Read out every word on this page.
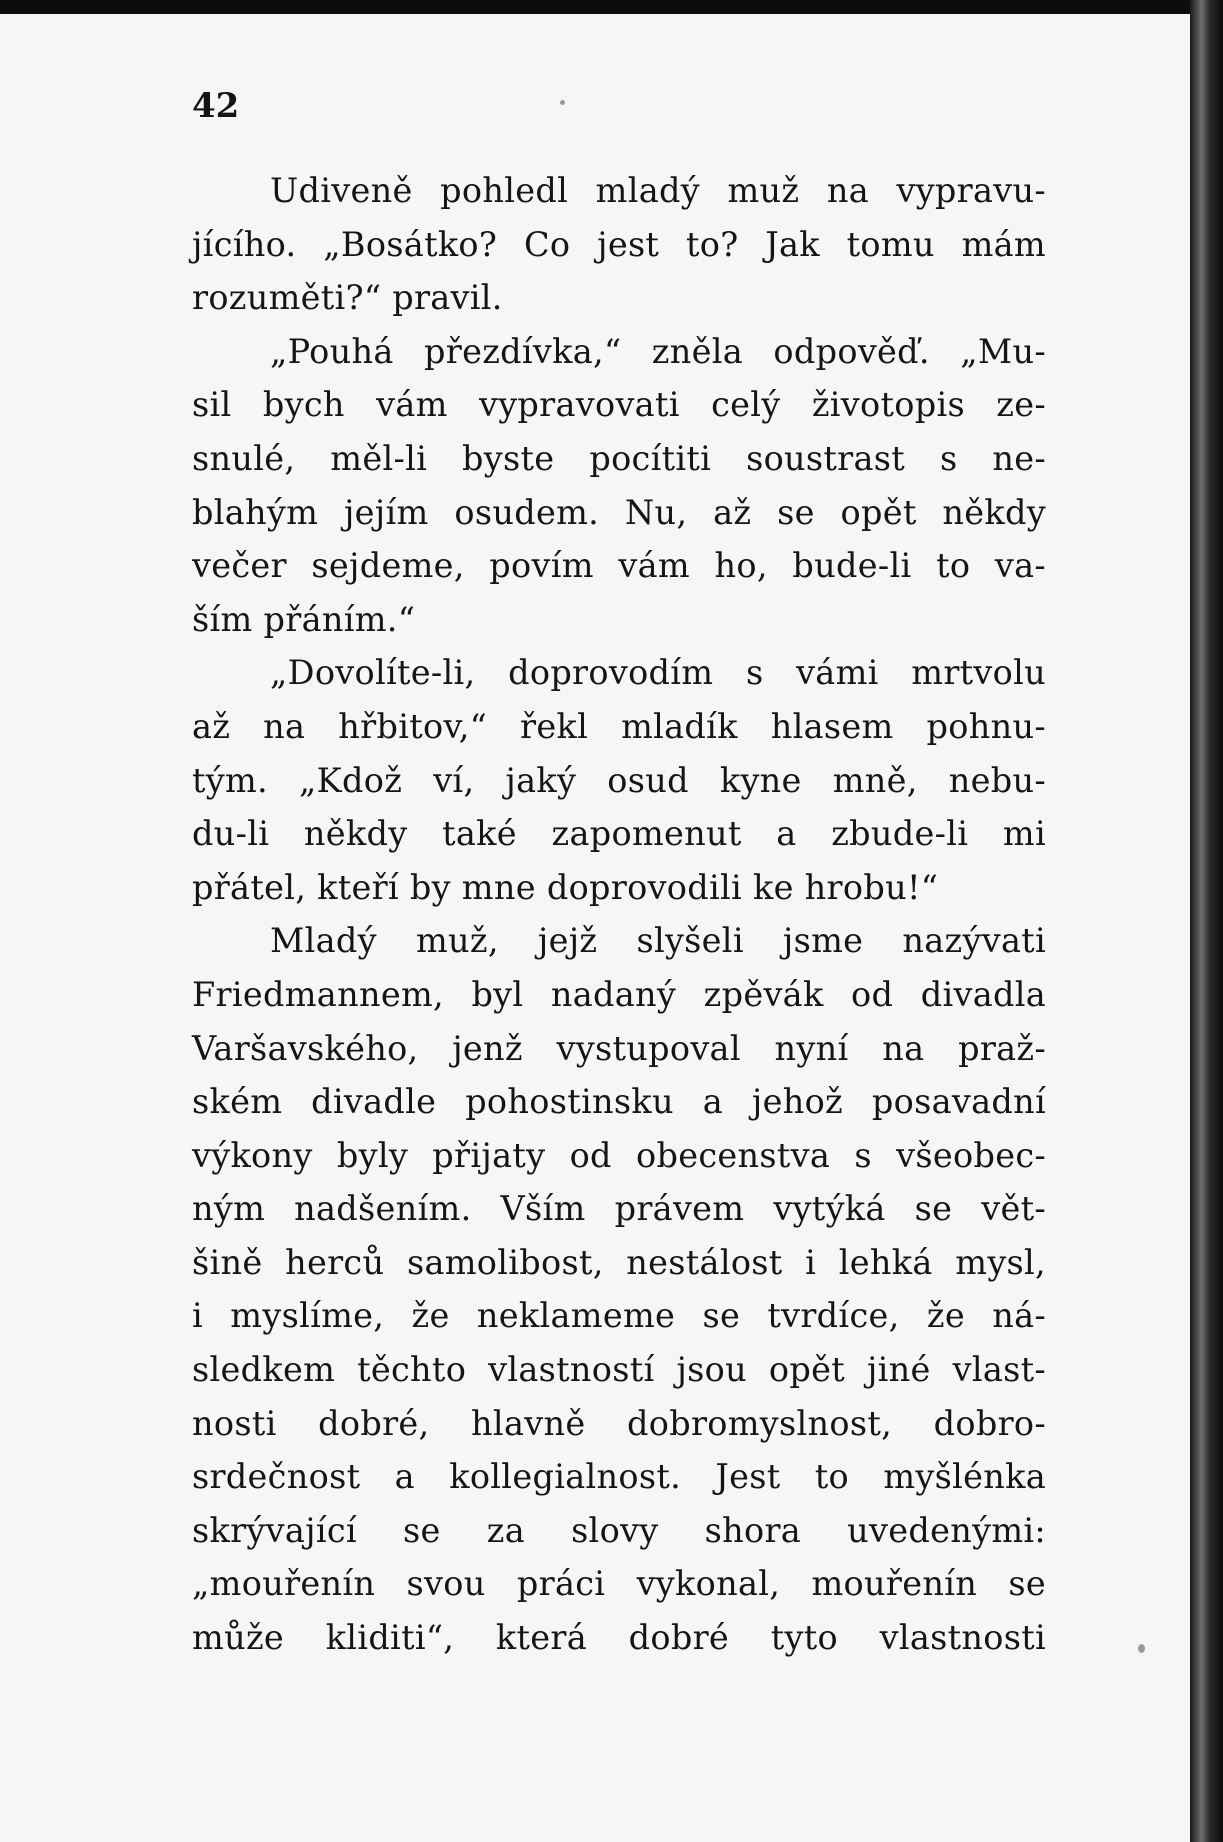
42

Udiveně pohledl mladý muž na vypravu-
jícího. „Bosátko? Co jest to? Jak tomu mám
rozuměti?“ pravil.
„Pouhá přezdívka,“ zněla odpověď. „Mu-
sil bych vám vypravovati celý životopis ze-
snulé, měl-li byste pocítiti soustrast s ne-
blahým jejím osudem. Nu, až se opět někdy
večer sejdeme, povím vám ho, bude-li to va-
ším přáním.“
„Dovolíte-li, doprovodím s vámi mrtvolu
až na hřbitov,“ řekl mladík hlasem pohnu-
tým. „Kdož ví, jaký osud kyne mně, nebu-
du-li někdy také zapomenut a zbude-li mi
přátel, kteří by mne doprovodili ke hrobu!“
Mladý muž, jejž slyšeli jsme nazývati
Friedmannem, byl nadaný zpěvák od divadla
Varšavského, jenž vystupoval nyní na praž-
ském divadle pohostinsku a jehož posavadní
výkony byly přijaty od obecenstva s všeobec-
ným nadšením. Vším právem vytýká se vět-
šině herců samolibost, nestálost i lehká mysl,
i myslíme, že neklameme se tvrdíce, že ná-
sledkem těchto vlastností jsou opět jiné vlast-
nosti dobré, hlavně dobromyslnost, dobro-
srdečnost a kollegialnost. Jest to myšlénka
skrývající se za slovy shora uvedenými:
„mouřenín svou práci vykonal, mouřenín se
může kliditi“, která dobré tyto vlastnosti
